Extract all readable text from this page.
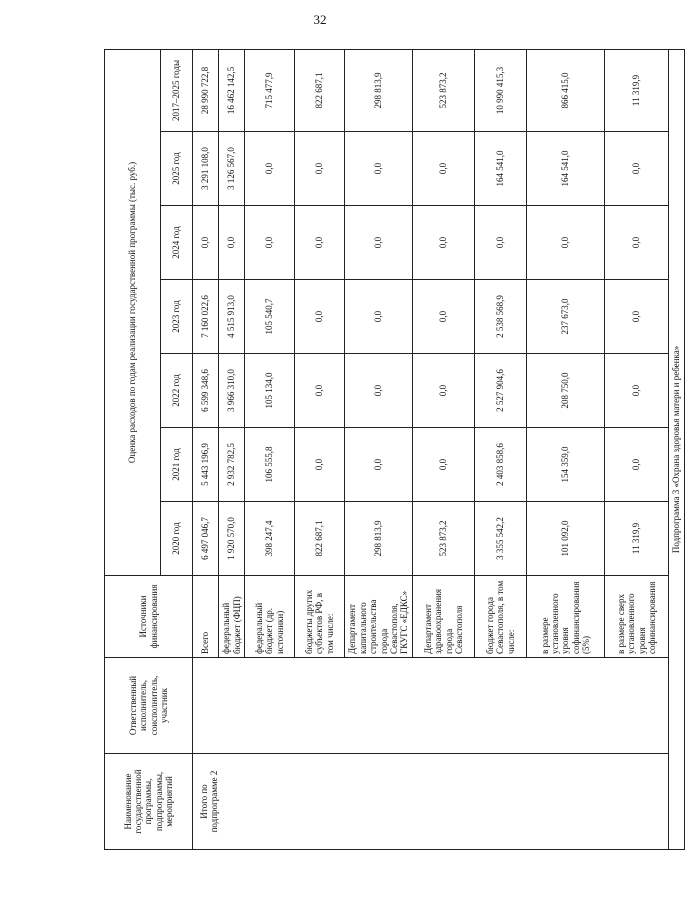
32
Наименование государственной программы, подпрограммы, мероприятий	Ответственный исполнитель, соисполнитель, участник	Источники финансирования	Оценка расходов по годам реализации государственной программы (тыс. руб.)						
			2020 год	2021 год	2022 год	2023 год	2024 год	2025 год	2017–2025 годы
Итого по подпрограмме 2		Всего	6 497 046,7	5 443 196,9	6 599 348,6	7 160 022,6	0,0	3 291 108,0	28 990 722,8
		федеральный бюджет (ФЦП)	1 920 570,0	2 932 782,5	3 966 310,0	4 515 913,0	0,0	3 126 567,0	16 462 142,5
		федеральный бюджет (др. источники)	398 247,4	106 555,8	105 134,0	105 540,7	0,0	0,0	715 477,9
		бюджеты других субъектов РФ, в том числе:	822 687,1	0,0	0,0	0,0	0,0	0,0	822 687,1
		Департамент капитального строительства города Севастополя, ГКУГС «ЕДКС»	298 813,9	0,0	0,0	0,0	0,0	0,0	298 813,9
		Департамент здравоохранения города Севастополя	523 873,2	0,0	0,0	0,0	0,0	0,0	523 873,2
		бюджет города Севастополя, в том числе:	3 355 542,2	2 403 858,6	2 527 904,6	2 538 568,9	0,0	164 541,0	10 990 415,3
		в размере установленного уровня софинансирования (5%)	101 092,0	154 359,0	208 750,0	237 673,0	0,0	164 541,0	866 415,0
		в размере сверх установленного уровня софинансирования	11 319,9	0,0	0,0	0,0	0,0	0,0	11 319,9
Подпрограмма 3 «Охрана здоровья матери и ребенка»									
